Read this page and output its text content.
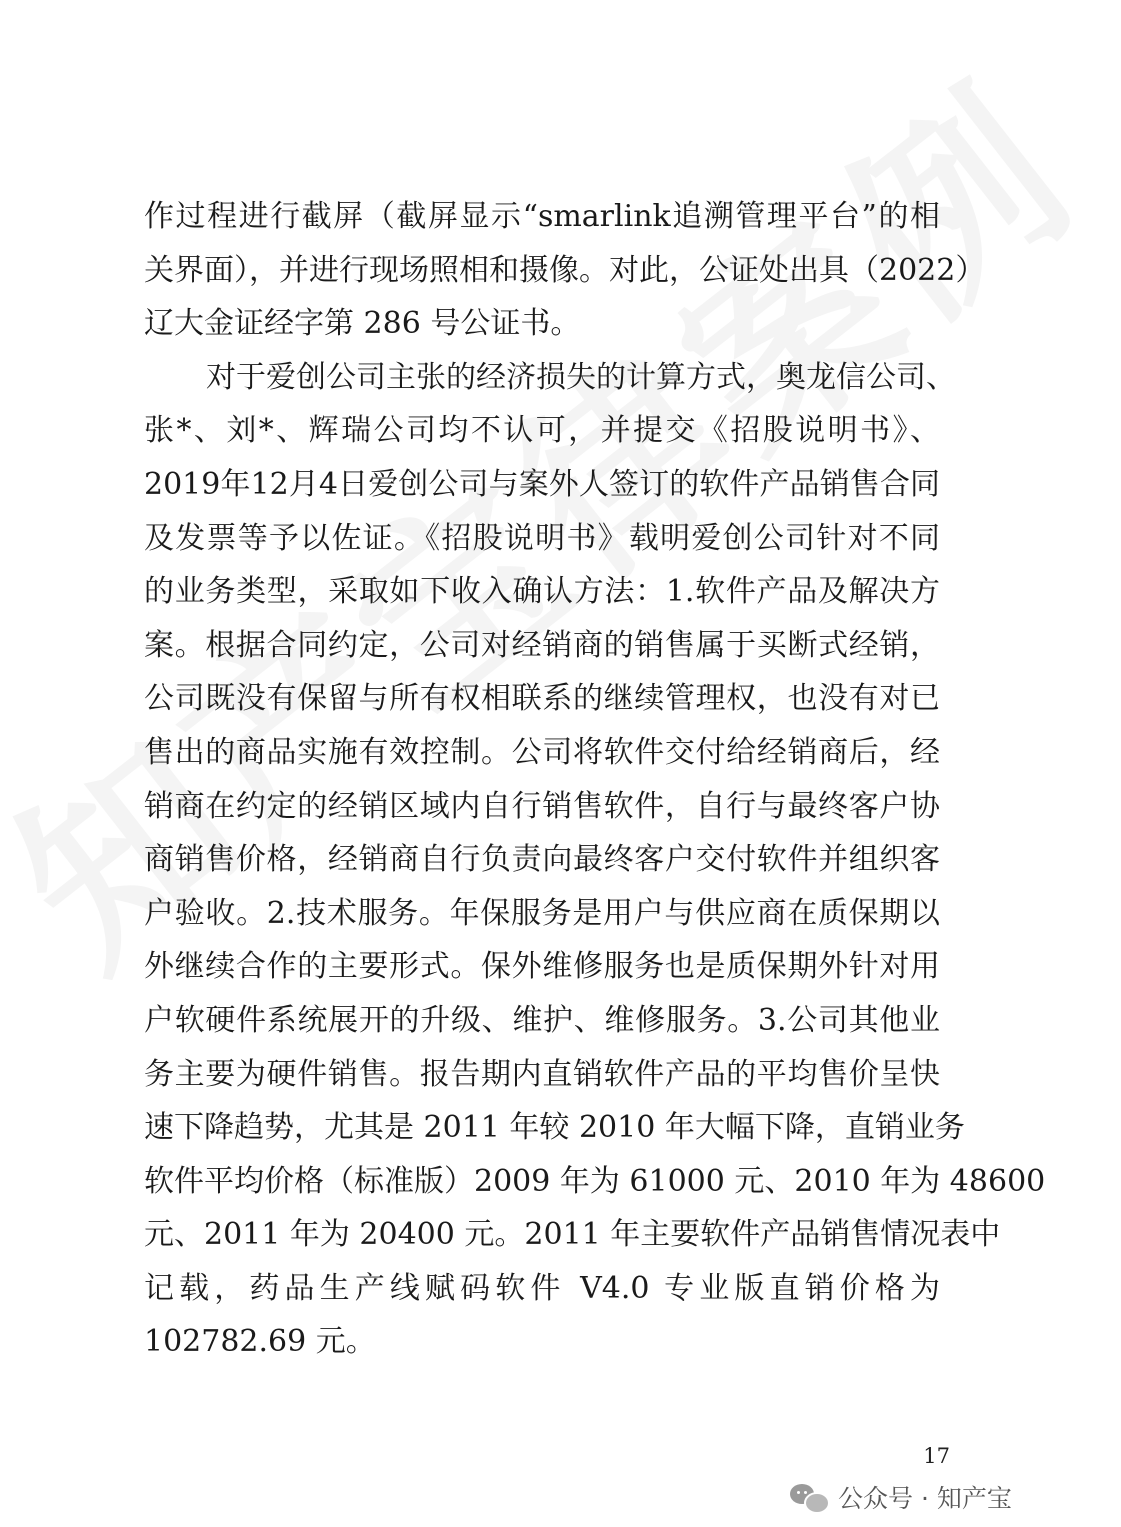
作过程进行截屏（截屏显示“smarlink追溯管理平台”的相
关界面），并进行现场照相和摄像。对此，公证处出具（2022）
辽大金证经字第 286 号公证书。
对于爱创公司主张的经济损失的计算方式，奥龙信公司、
张*、刘*、辉瑞公司均不认可，并提交《招股说明书》、
2019年12月4日爱创公司与案外人签订的软件产品销售合同
及发票等予以佐证。《招股说明书》载明爱创公司针对不同
的业务类型，采取如下收入确认方法：1.软件产品及解决方
案。根据合同约定，公司对经销商的销售属于买断式经销，
公司既没有保留与所有权相联系的继续管理权，也没有对已
售出的商品实施有效控制。公司将软件交付给经销商后，经
销商在约定的经销区域内自行销售软件，自行与最终客户协
商销售价格，经销商自行负责向最终客户交付软件并组织客
户验收。2.技术服务。年保服务是用户与供应商在质保期以
外继续合作的主要形式。保外维修服务也是质保期外针对用
户软硬件系统展开的升级、维护、维修服务。3.公司其他业
务主要为硬件销售。报告期内直销软件产品的平均售价呈快
速下降趋势，尤其是 2011 年较 2010 年大幅下降，直销业务
软件平均价格（标准版）2009 年为 61000 元、2010 年为 48600
元、2011 年为 20400 元。2011 年主要软件产品销售情况表中
记载，药品生产线赋码软件 V4.0 专业版直销价格为
102782.69 元。
17
公众号 · 知产宝
